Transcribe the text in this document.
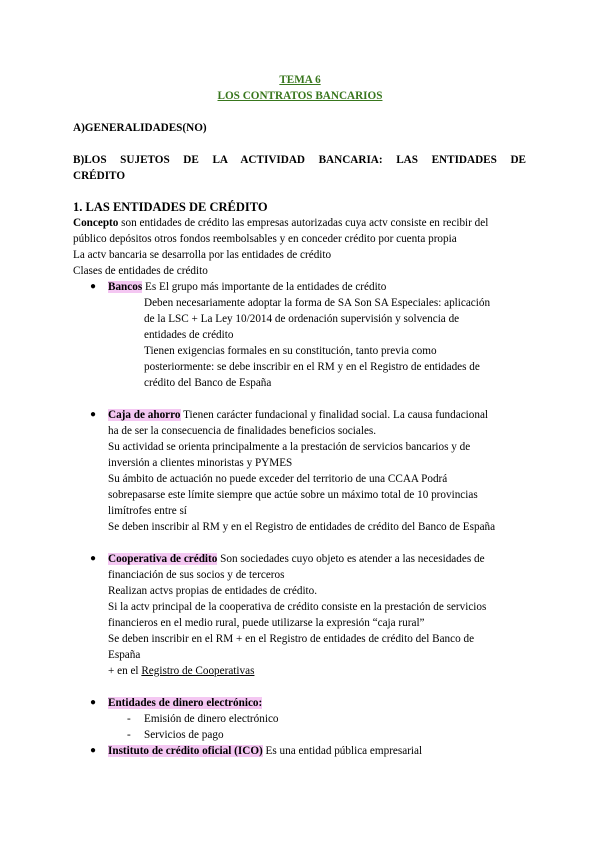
TEMA 6
LOS CONTRATOS BANCARIOS
A)GENERALIDADES(NO)
B)LOS SUJETOS DE LA ACTIVIDAD BANCARIA: LAS ENTIDADES DE
CRÉDITO
1. LAS ENTIDADES DE CRÉDITO
Concepto son entidades de crédito las empresas autorizadas cuya actv consiste en recibir del
público depósitos otros fondos reembolsables y en conceder crédito por cuenta propia
La actv bancaria se desarrolla por las entidades de crédito
Clases de entidades de crédito
● Bancos Es El grupo más importante de la entidades de crédito
Deben necesariamente adoptar la forma de SA Son SA Especiales: aplicación
de la LSC + La Ley 10/2014 de ordenación supervisión y solvencia de
entidades de crédito
Tienen exigencias formales en su constitución, tanto previa como
posteriormente: se debe inscribir en el RM y en el Registro de entidades de
crédito del Banco de España
● Caja de ahorro Tienen carácter fundacional y finalidad social. La causa fundacional
ha de ser la consecuencia de finalidades beneficios sociales.
Su actividad se orienta principalmente a la prestación de servicios bancarios y de
inversión a clientes minoristas y PYMES
Su ámbito de actuación no puede exceder del territorio de una CCAA Podrá
sobrepasarse este límite siempre que actúe sobre un máximo total de 10 provincias
limítrofes entre sí
Se deben inscribir al RM y en el Registro de entidades de crédito del Banco de España
● Cooperativa de crédito Son sociedades cuyo objeto es atender a las necesidades de
financiación de sus socios y de terceros
Realizan actvs propias de entidades de crédito.
Si la actv principal de la cooperativa de crédito consiste en la prestación de servicios
financieros en el medio rural, puede utilizarse la expresión “caja rural”
Se deben inscribir en el RM + en el Registro de entidades de crédito del Banco de
España
+ en el Registro de Cooperativas
● Entidades de dinero electrónico:
- Emisión de dinero electrónico
- Servicios de pago
● Instituto de crédito oficial (ICO) Es una entidad pública empresarial
